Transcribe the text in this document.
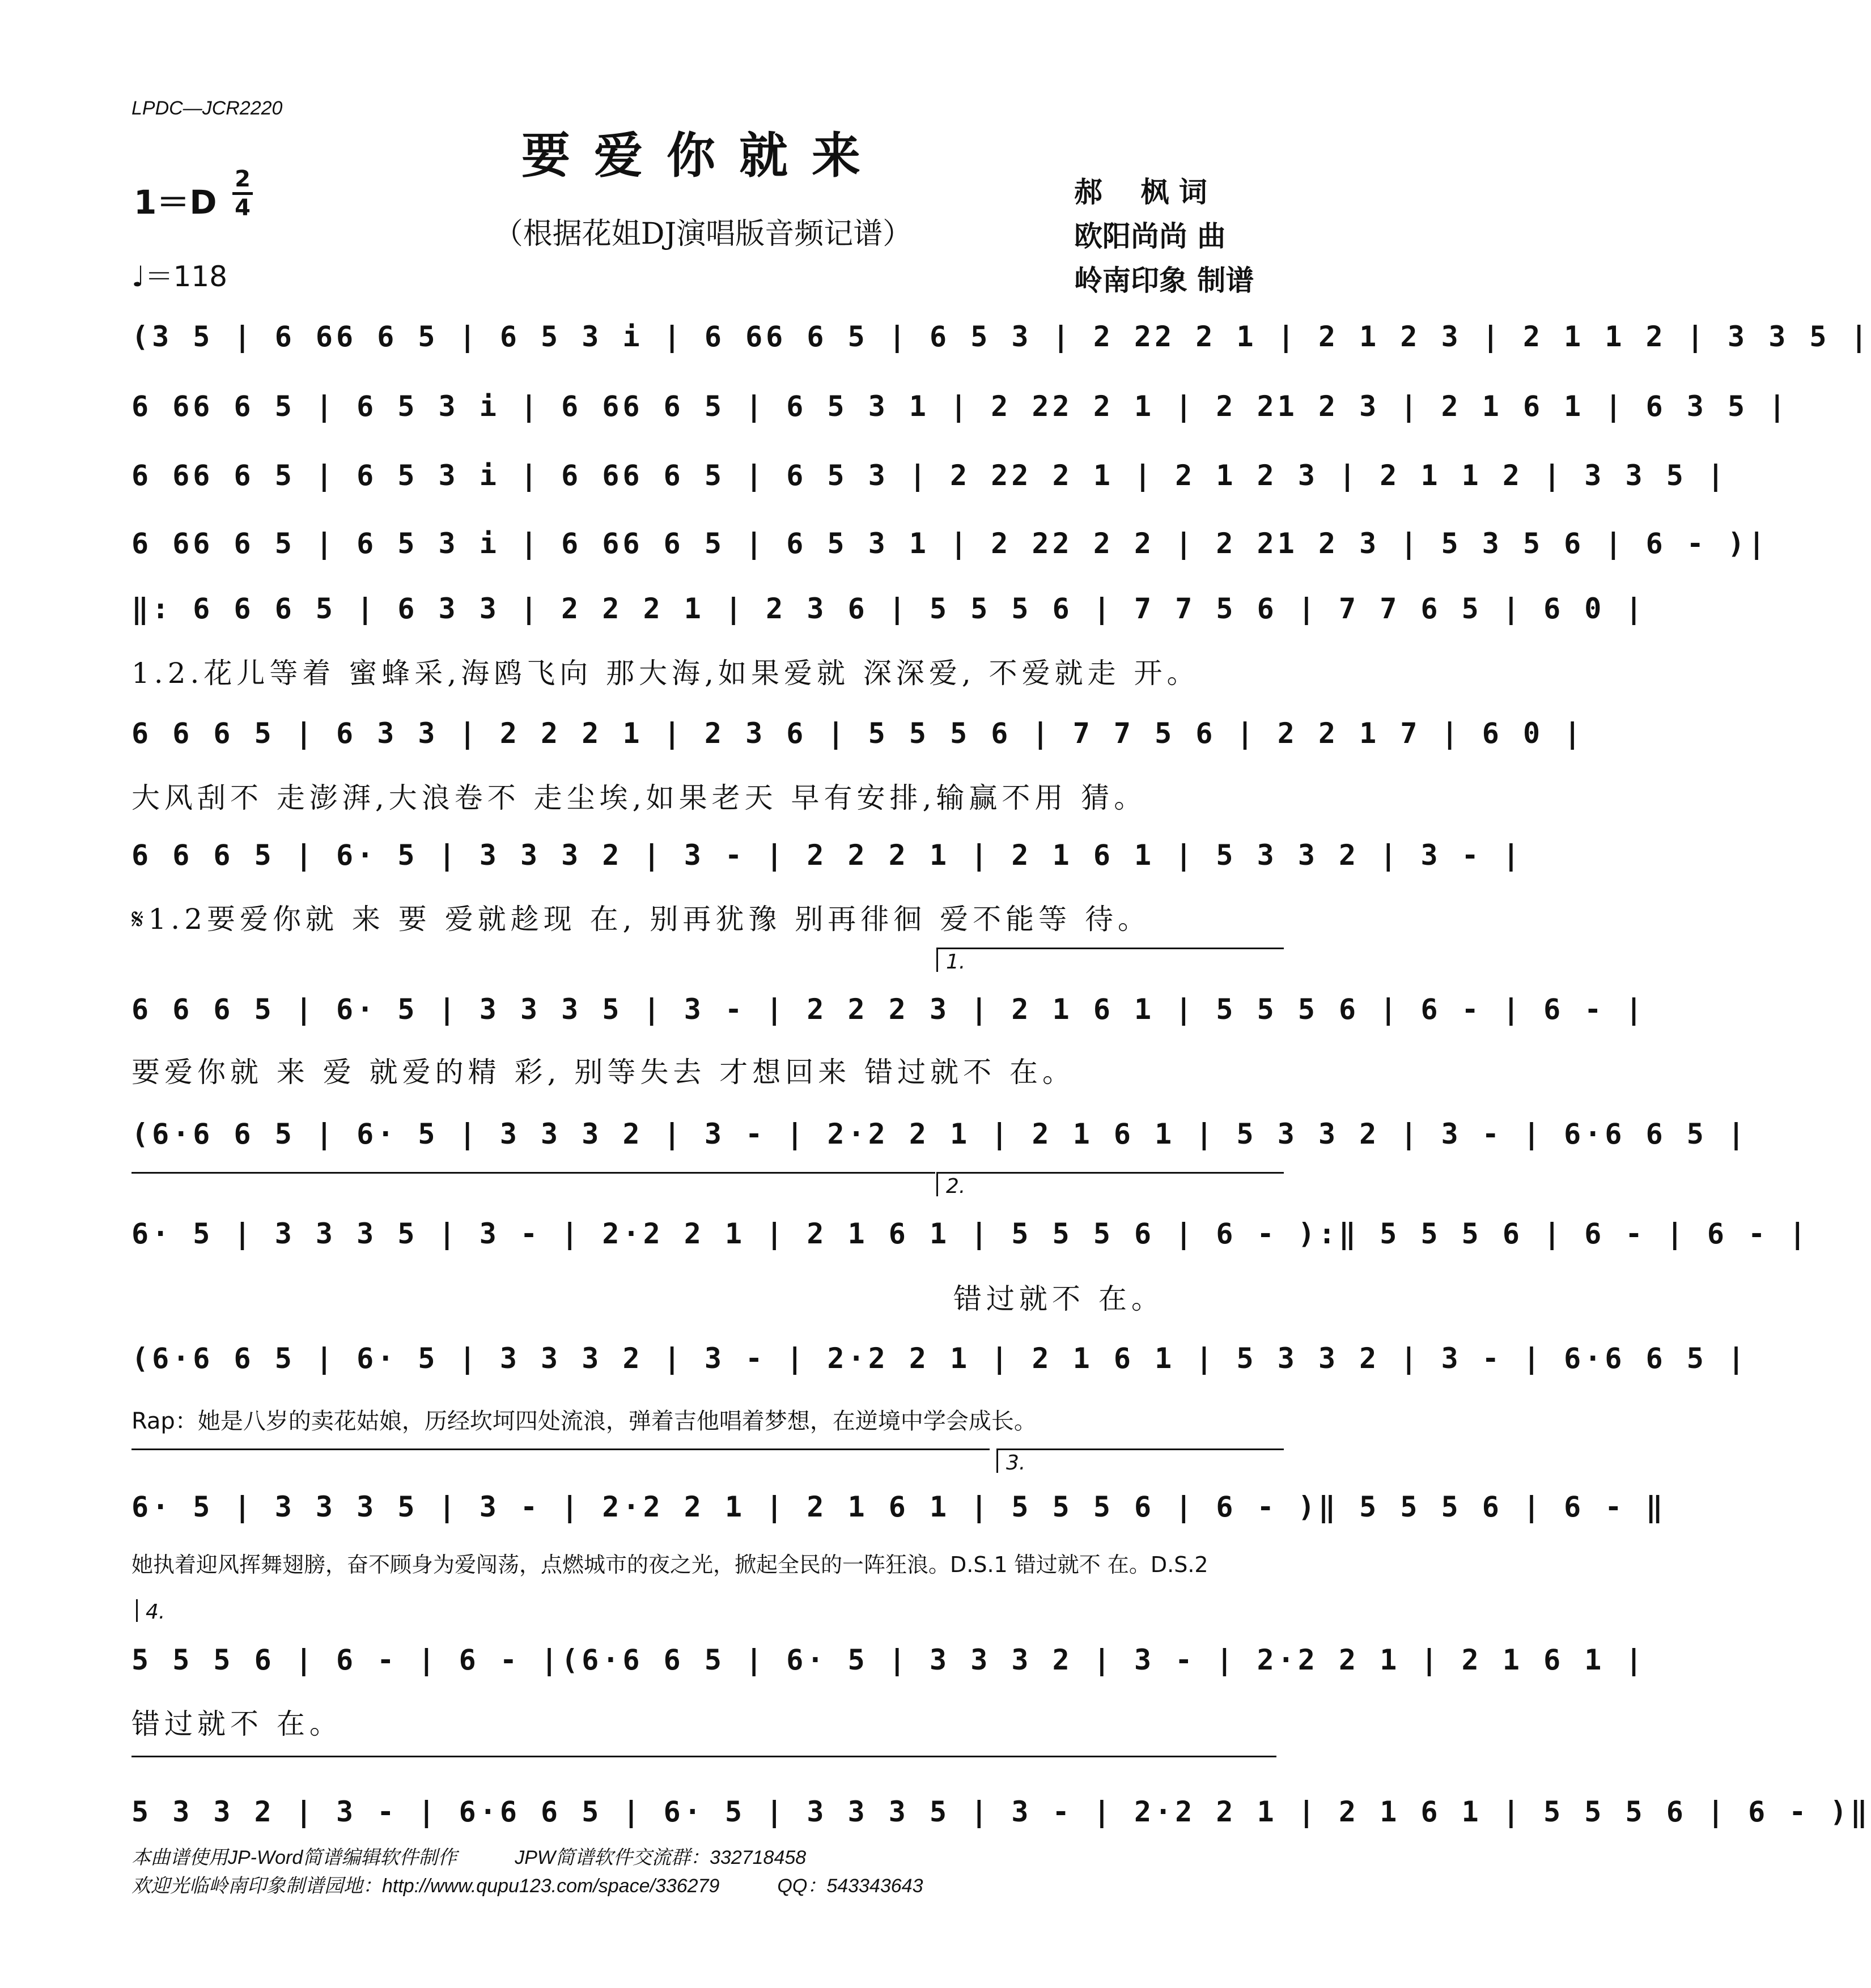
LPDC—JCR2220
要爱你就来
（根据花姐DJ演唱版音频记谱）
1＝D
2
4
♩＝118
郝　 枫 词
欧阳尚尚 曲
岭南印象 制谱
(3 5 | 6 66 6 5 | 6 5 3 i | 6 66 6 5 | 6 5 3 | 2 22 2 1 | 2 1 2 3 | 2 1 1 2 | 3 3 5 |
6 66 6 5 | 6 5 3 i | 6 66 6 5 | 6 5 3 1 | 2 22 2 1 | 2 21 2 3 | 2 1 6 1 | 6 3 5 |
6 66 6 5 | 6 5 3 i | 6 66 6 5 | 6 5 3 | 2 22 2 1 | 2 1 2 3 | 2 1 1 2 | 3 3 5 |
6 66 6 5 | 6 5 3 i | 6 66 6 5 | 6 5 3 1 | 2 22 2 2 | 2 21 2 3 | 5 3 5 6 | 6 - )|
‖: 6 6 6 5 | 6 3 3 | 2 2 2 1 | 2 3 6 | 5 5 5 6 | 7 7 5 6 | 7 7 6 5 | 6 0 |
1.2.花儿等着 蜜蜂采,海鸥飞向 那大海,如果爱就 深深爱, 不爱就走 开。
6 6 6 5 | 6 3 3 | 2 2 2 1 | 2 3 6 | 5 5 5 6 | 7 7 5 6 | 2 2 1 7 | 6 0 |
大风刮不 走澎湃,大浪卷不 走尘埃,如果老天 早有安排,输赢不用 猜。
6 6 6 5 | 6· 5 | 3 3 3 2 | 3 - | 2 2 2 1 | 2 1 6 1 | 5 3 3 2 | 3 - |
𝄋1.2要爱你就 来 要 爱就趁现 在, 别再犹豫 别再徘徊 爱不能等 待。
1.
6 6 6 5 | 6· 5 | 3 3 3 5 | 3 - | 2 2 2 3 | 2 1 6 1 | 5 5 5 6 | 6 - | 6 - |
要爱你就 来 爱 就爱的精 彩, 别等失去 才想回来 错过就不 在。
(6·6 6 5 | 6· 5 | 3 3 3 2 | 3 - | 2·2 2 1 | 2 1 6 1 | 5 3 3 2 | 3 - | 6·6 6 5 |
2.
6· 5 | 3 3 3 5 | 3 - | 2·2 2 1 | 2 1 6 1 | 5 5 5 6 | 6 - ):‖ 5 5 5 6 | 6 - | 6 - |
错过就不 在。
(6·6 6 5 | 6· 5 | 3 3 3 2 | 3 - | 2·2 2 1 | 2 1 6 1 | 5 3 3 2 | 3 - | 6·6 6 5 |
Rap：她是八岁的卖花姑娘，历经坎坷四处流浪，弹着吉他唱着梦想，在逆境中学会成长。
3.
6· 5 | 3 3 3 5 | 3 - | 2·2 2 1 | 2 1 6 1 | 5 5 5 6 | 6 - )‖ 5 5 5 6 | 6 - ‖
她执着迎风挥舞翅膀，奋不顾身为爱闯荡，点燃城市的夜之光，掀起全民的一阵狂浪。D.S.1 错过就不 在。D.S.2
4.
5 5 5 6 | 6 - | 6 - |(6·6 6 5 | 6· 5 | 3 3 3 2 | 3 - | 2·2 2 1 | 2 1 6 1 |
错过就不 在。
5 3 3 2 | 3 - | 6·6 6 5 | 6· 5 | 3 3 3 5 | 3 - | 2·2 2 1 | 2 1 6 1 | 5 5 5 6 | 6 - )‖
本曲谱使用JP-Word简谱编辑软件制作　　　JPW简谱软件交流群：332718458
欢迎光临岭南印象制谱园地：http://www.qupu123.com/space/336279　　　QQ：543343643
